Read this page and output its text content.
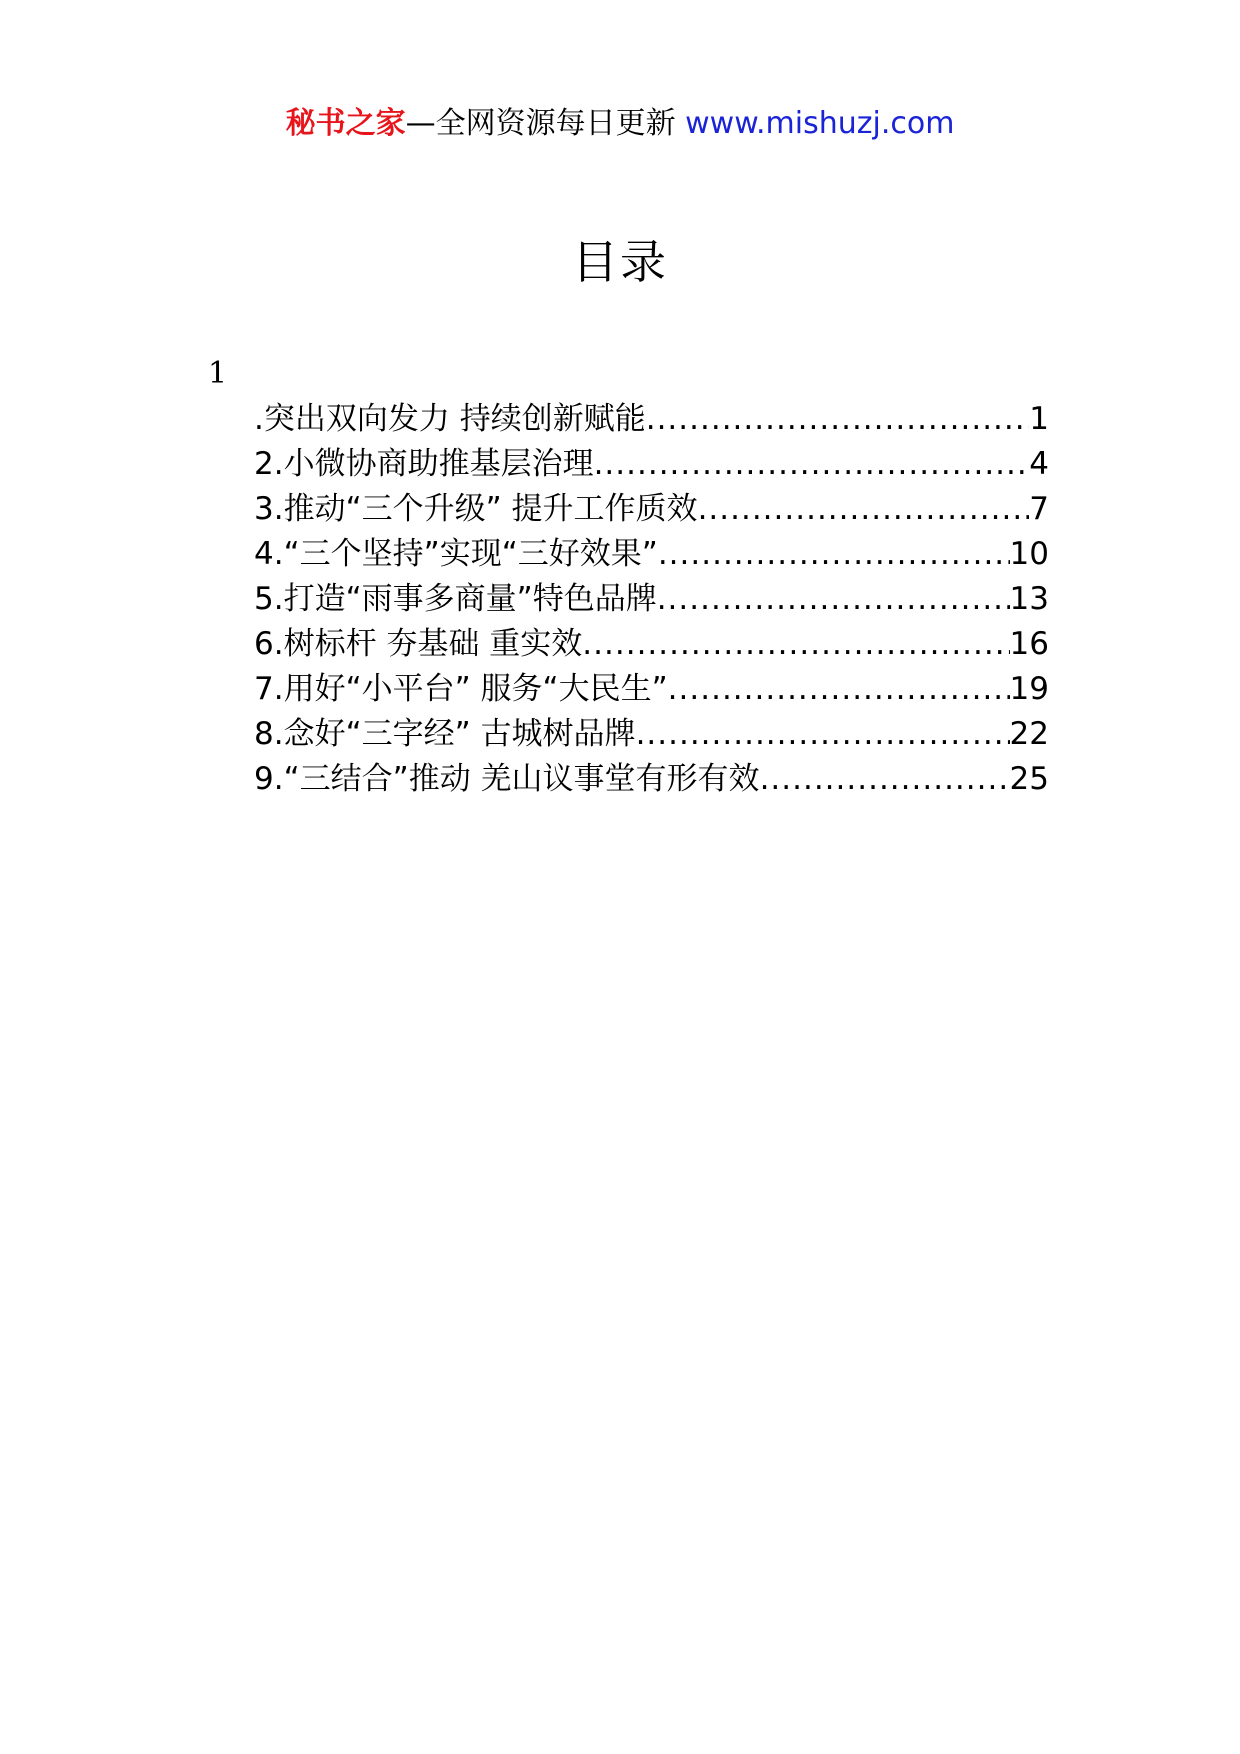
秘书之家—全网资源每日更新 www.mishuzj.com
目录
1
.突出双向发力 持续创新赋能 .....	1
2.小微协商助推基层治理 .....	4
3.推动“三个升级” 提升工作质效 .....	7
4.“三个坚持”实现“三好效果” .....	10
5.打造“雨事多商量”特色品牌 .....	13
6.树标杆 夯基础 重实效 .....	16
7.用好“小平台” 服务“大民生” .....	19
8.念好“三字经” 古城树品牌 .....	22
9.“三结合”推动 羌山议事堂有形有效 .....	25
